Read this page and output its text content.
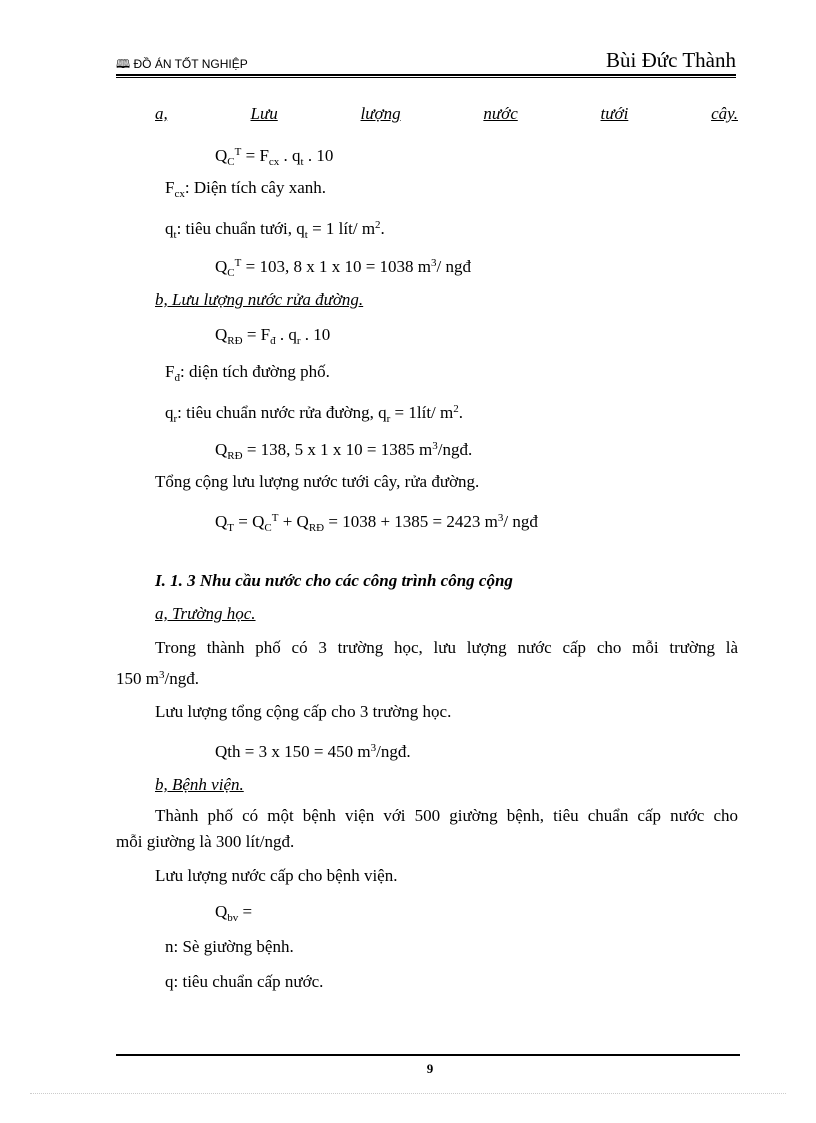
🕮 ĐỒ ÁN TỐT NGHIỆP	Bùi Đức Thành
a,	Lưu	lượng	nước	tưới	cây.
$Q_C^T = F_{cx}$ . $q_t$ . 10
$F_{cx}$: Diện tích cây xanh.
$q_t$: tiêu chuẩn tưới, $q_t = 1$ lít/ $m^2$.
$Q_C^T = 103$, 8 x 1 x 10 = 1038 $m^3/$ ngđ
b, Lưu lượng nước rửa đường.
$Q_{RĐ} = F_đ$ . $q_r$ . 10
$F_đ$: diện tích đường phố.
$q_r$: tiêu chuẩn nước rửa đường, $q_r$ = 1lít/ $m^2$.
$Q_{RĐ} = 138$, 5 x 1 x 10 = 1385 $m^3$/ngđ.
Tổng cộng lưu lượng nước tưới cây, rửa đường.
$Q_T = Q_C^T + Q_{RĐ} = 1038 + 1385 = 2423$ $m^3/$ ngđ
I. 1. 3 Nhu cầu nước cho các công trình công cộng
a, Trường học.
Trong thành phố có 3 trường học, lưu lượng nước cấp cho mỗi trường là
150 $m^3$/ngđ.
Lưu lượng tổng cộng cấp cho 3 trường học.
Qth = 3 x 150 = 450 $m^3$/ngđ.
b, Bệnh viện.
Thành phố có một bệnh viện với 500 giường bệnh, tiêu chuẩn cấp nước cho
mỗi giường là 300 lít/ngđ.
Lưu lượng nước cấp cho bệnh viện.
$Q_{bv}$ =
n: Sè giường bệnh.
q: tiêu chuẩn cấp nước.
9
